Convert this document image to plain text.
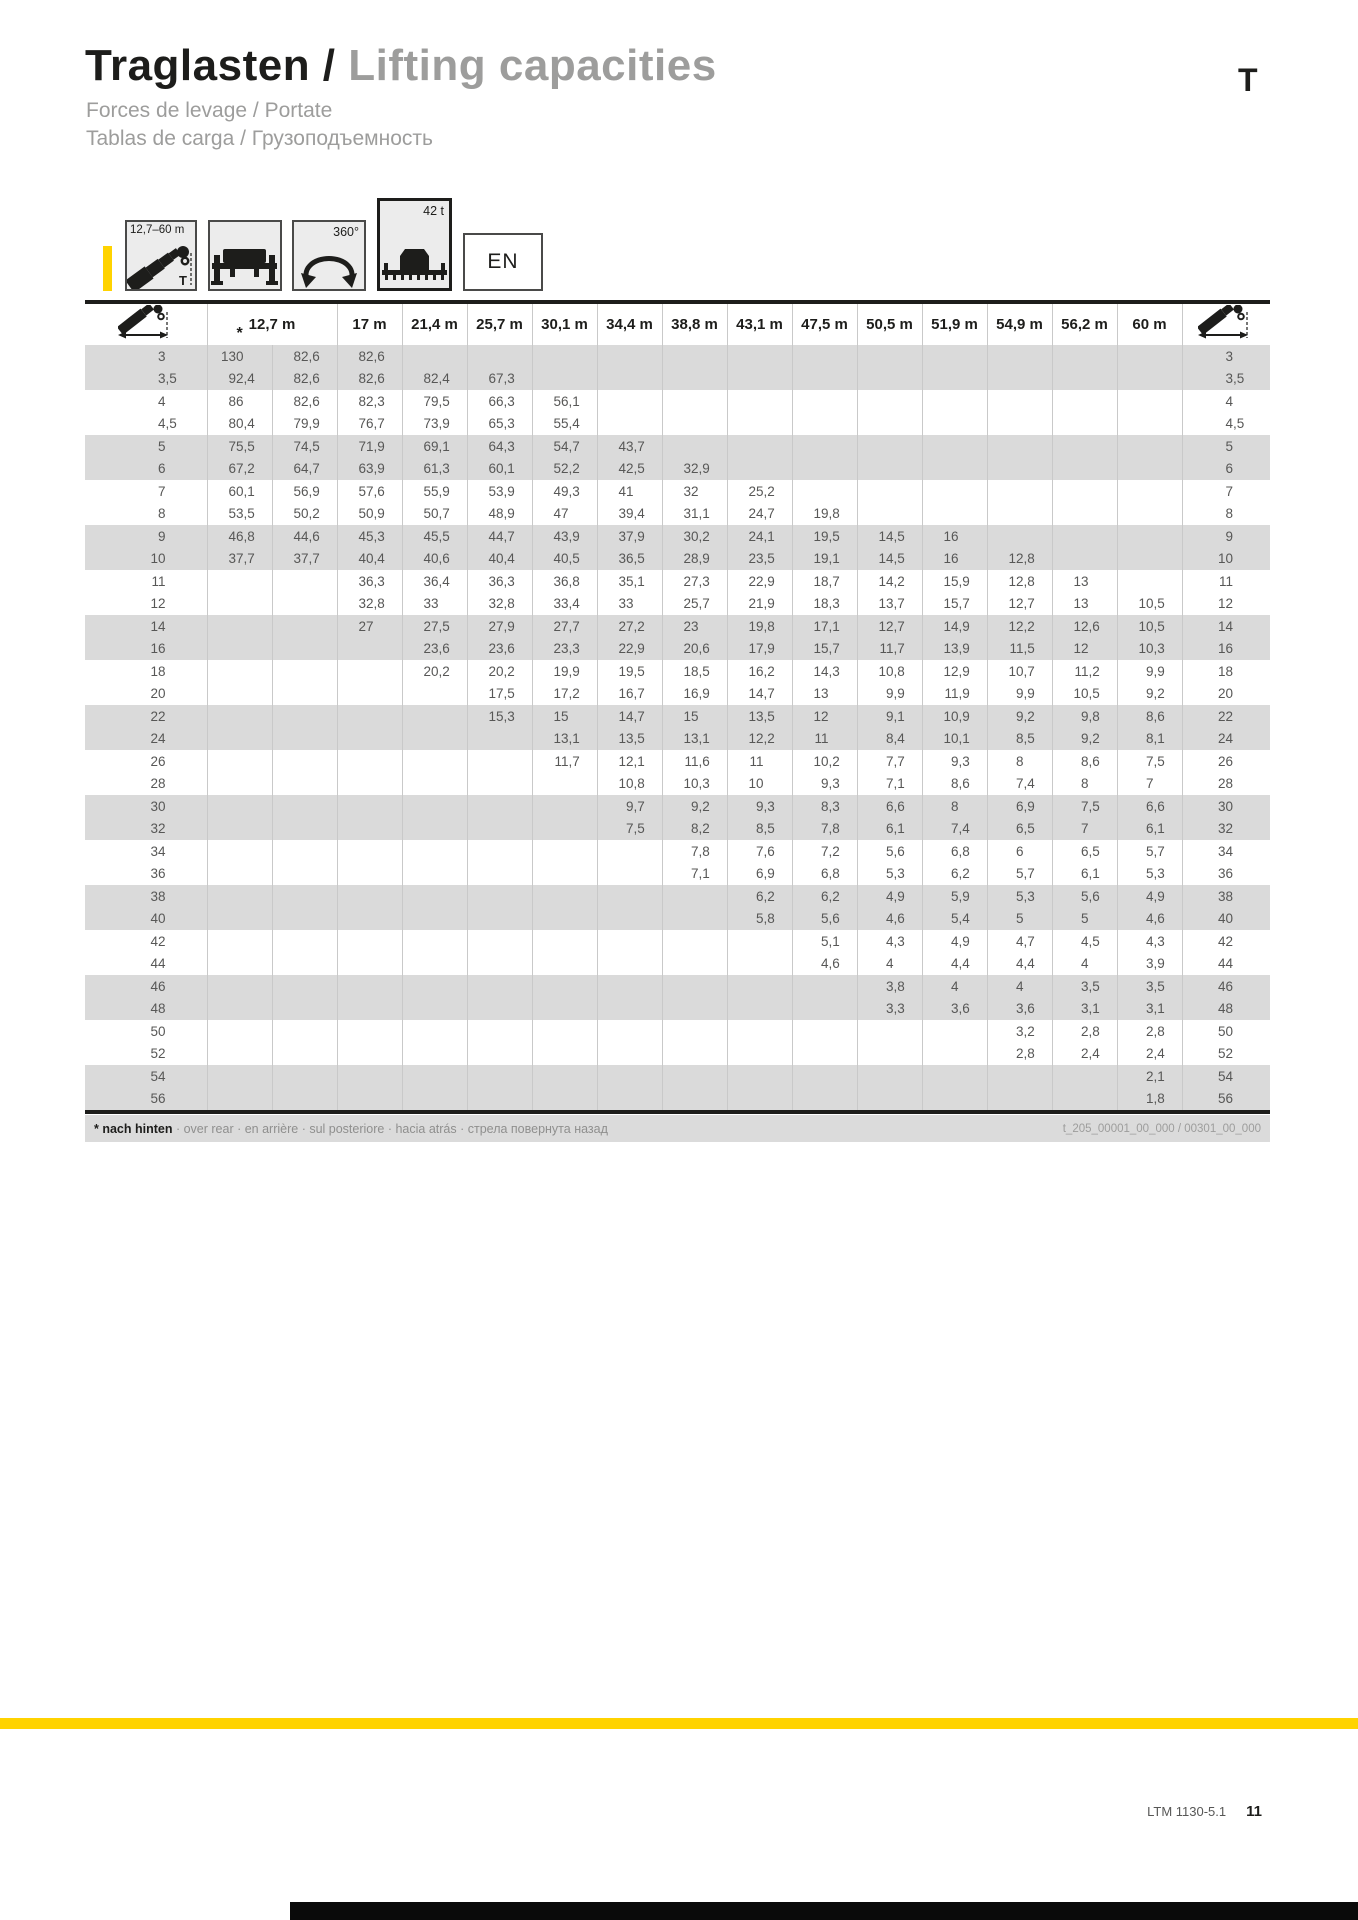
Traglasten / Lifting capacities
Forces de levage / Portate
Tablas de carga / Грузоподъемность
T
12,7–60 m
T
360°
42 t
EN

*
12,7 m		17 m	21,4 m	25,7 m	30,1 m	34,4 m	38,8 m	43,1 m	47,5 m	50,5 m	51,9 m	54,9 m	56,2 m	60 m	

3	130	82 ,6	82 ,6													3

3 ,5	92 ,4	82 ,6	82 ,6	82 ,4	67 ,3											3 ,5

4	86	82 ,6	82 ,3	79 ,5	66 ,3	56 ,1										4

4 ,5	80 ,4	79 ,9	76 ,7	73 ,9	65 ,3	55 ,4										4 ,5

5	75 ,5	74 ,5	71 ,9	69 ,1	64 ,3	54 ,7	43 ,7									5

6	67 ,2	64 ,7	63 ,9	61 ,3	60 ,1	52 ,2	42 ,5	32 ,9								6

7	60 ,1	56 ,9	57 ,6	55 ,9	53 ,9	49 ,3	41	32	25 ,2							7

8	53 ,5	50 ,2	50 ,9	50 ,7	48 ,9	47	39 ,4	31 ,1	24 ,7	19 ,8						8

9	46 ,8	44 ,6	45 ,3	45 ,5	44 ,7	43 ,9	37 ,9	30 ,2	24 ,1	19 ,5	14 ,5	16				9

10	37 ,7	37 ,7	40 ,4	40 ,6	40 ,4	40 ,5	36 ,5	28 ,9	23 ,5	19 ,1	14 ,5	16	12 ,8			10

11			36 ,3	36 ,4	36 ,3	36 ,8	35 ,1	27 ,3	22 ,9	18 ,7	14 ,2	15 ,9	12 ,8	13		11

12			32 ,8	33	32 ,8	33 ,4	33	25 ,7	21 ,9	18 ,3	13 ,7	15 ,7	12 ,7	13	10 ,5	12

14			27	27 ,5	27 ,9	27 ,7	27 ,2	23	19 ,8	17 ,1	12 ,7	14 ,9	12 ,2	12 ,6	10 ,5	14

16				23 ,6	23 ,6	23 ,3	22 ,9	20 ,6	17 ,9	15 ,7	11 ,7	13 ,9	11 ,5	12	10 ,3	16

18				20 ,2	20 ,2	19 ,9	19 ,5	18 ,5	16 ,2	14 ,3	10 ,8	12 ,9	10 ,7	11 ,2	9 ,9	18

20					17 ,5	17 ,2	16 ,7	16 ,9	14 ,7	13	9 ,9	11 ,9	9 ,9	10 ,5	9 ,2	20

22					15 ,3	15	14 ,7	15	13 ,5	12	9 ,1	10 ,9	9 ,2	9 ,8	8 ,6	22

24						13 ,1	13 ,5	13 ,1	12 ,2	11	8 ,4	10 ,1	8 ,5	9 ,2	8 ,1	24

26						11 ,7	12 ,1	11 ,6	11	10 ,2	7 ,7	9 ,3	8	8 ,6	7 ,5	26

28							10 ,8	10 ,3	10	9 ,3	7 ,1	8 ,6	7 ,4	8	7	28

30							9 ,7	9 ,2	9 ,3	8 ,3	6 ,6	8	6 ,9	7 ,5	6 ,6	30

32							7 ,5	8 ,2	8 ,5	7 ,8	6 ,1	7 ,4	6 ,5	7	6 ,1	32

34								7 ,8	7 ,6	7 ,2	5 ,6	6 ,8	6	6 ,5	5 ,7	34

36								7 ,1	6 ,9	6 ,8	5 ,3	6 ,2	5 ,7	6 ,1	5 ,3	36

38									6 ,2	6 ,2	4 ,9	5 ,9	5 ,3	5 ,6	4 ,9	38

40									5 ,8	5 ,6	4 ,6	5 ,4	5	5	4 ,6	40

42										5 ,1	4 ,3	4 ,9	4 ,7	4 ,5	4 ,3	42

44										4 ,6	4	4 ,4	4 ,4	4	3 ,9	44

46											3 ,8	4	4	3 ,5	3 ,5	46

48											3 ,3	3 ,6	3 ,6	3 ,1	3 ,1	48

50													3 ,2	2 ,8	2 ,8	50

52													2 ,8	2 ,4	2 ,4	52

54															2 ,1	54

56															1 ,8	56
* nach hinten · over rear · en arrière · sul posteriore · hacia atrás · стрела повернута назад	t_205_00001_00_000 / 00301_00_000
LTM 1130-5.1 11
